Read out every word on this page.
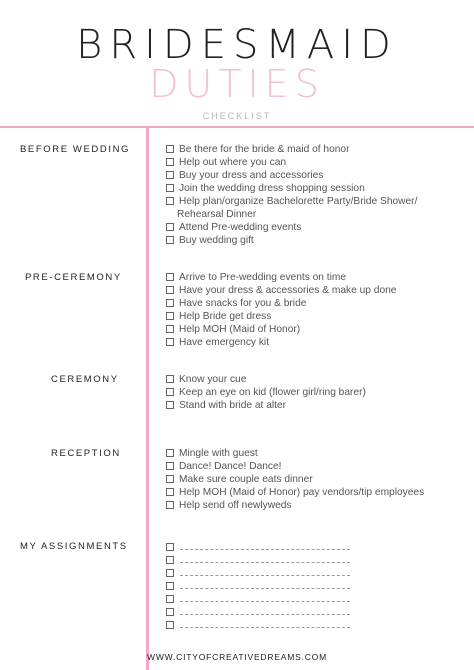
BRIDESMAID
DUTIES
CHECKLIST
BEFORE WEDDING	Be there for the bride & maid of honor
Help out where you can
Buy your dress and accessories
Join the wedding dress shopping session
Help plan/organize Bachelorette Party/Bride Shower/
Rehearsal Dinner
Attend Pre-wedding events
Buy wedding gift
PRE-CEREMONY	Arrive to Pre-wedding events on time
Have your dress & accessories & make up done
Have snacks for you & bride
Help Bride get dress
Help MOH (Maid of Honor)
Have emergency kit
CEREMONY	Know your cue
Keep an eye on kid (flower girl/ring barer)
Stand with bride at alter
RECEPTION	Mingle with guest
Dance! Dance! Dance!
Make sure couple eats dinner
Help MOH (Maid of Honor) pay vendors/tip employees
Help send off newlyweds
MY ASSIGNMENTS
WWW.CITYOFCREATIVEDREAMS.COM
